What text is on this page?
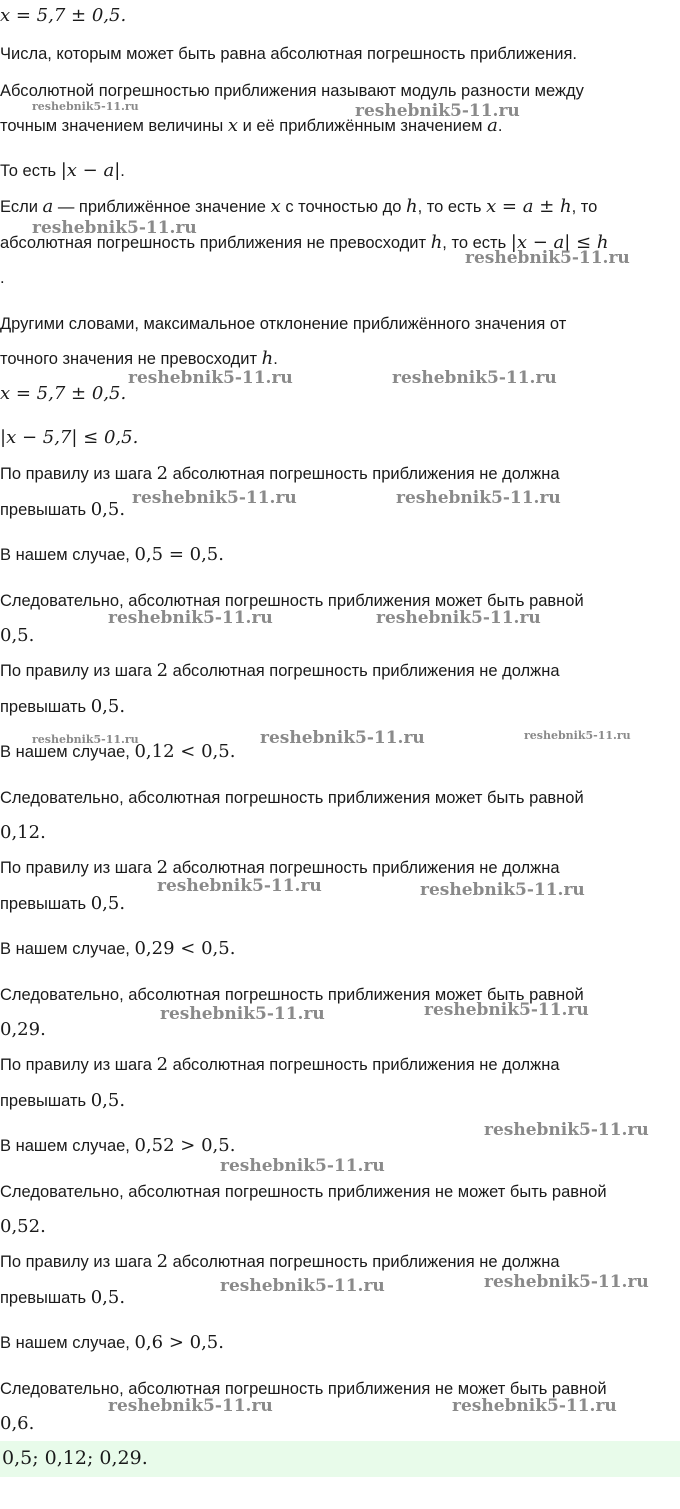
x = 5,7 ± 0,5.
Числа, которым может быть равна абсолютная погрешность приближения.
Абсолютной погрешностью приближения называют модуль разности между
точным значением величины x и её приближённым значением a.
То есть |x − a|.
Если a — приближённое значение x с точностью до h, то есть x = a ± h, то
абсолютная погрешность приближения не превосходит h, то есть |x − a| ≤ h
.
Другими словами, максимальное отклонение приближённого значения от
точного значения не превосходит h.
x = 5,7 ± 0,5.
|x − 5,7| ≤ 0,5.
По правилу из шага 2 абсолютная погрешность приближения не должна
превышать 0,5.
В нашем случае, 0,5 = 0,5.
Следовательно, абсолютная погрешность приближения может быть равной
0,5.
По правилу из шага 2 абсолютная погрешность приближения не должна
превышать 0,5.
В нашем случае, 0,12 < 0,5.
Следовательно, абсолютная погрешность приближения может быть равной
0,12.
По правилу из шага 2 абсолютная погрешность приближения не должна
превышать 0,5.
В нашем случае, 0,29 < 0,5.
Следовательно, абсолютная погрешность приближения может быть равной
0,29.
По правилу из шага 2 абсолютная погрешность приближения не должна
превышать 0,5.
В нашем случае, 0,52 > 0,5.
Следовательно, абсолютная погрешность приближения не может быть равной
0,52.
По правилу из шага 2 абсолютная погрешность приближения не должна
превышать 0,5.
В нашем случае, 0,6 > 0,5.
Следовательно, абсолютная погрешность приближения не может быть равной
0,6.
0,5; 0,12; 0,29.
reshebnik5-11.ru	reshebnik5-11.ru
reshebnik5-11.ru
reshebnik5-11.ru
reshebnik5-11.ru	reshebnik5-11.ru
reshebnik5-11.ru	reshebnik5-11.ru
reshebnik5-11.ru	reshebnik5-11.ru
reshebnik5-11.ru	reshebnik5-11.ru	reshebnik5-11.ru
reshebnik5-11.ru	reshebnik5-11.ru
reshebnik5-11.ru	reshebnik5-11.ru
reshebnik5-11.ru
reshebnik5-11.ru
reshebnik5-11.ru	reshebnik5-11.ru
reshebnik5-11.ru	reshebnik5-11.ru
